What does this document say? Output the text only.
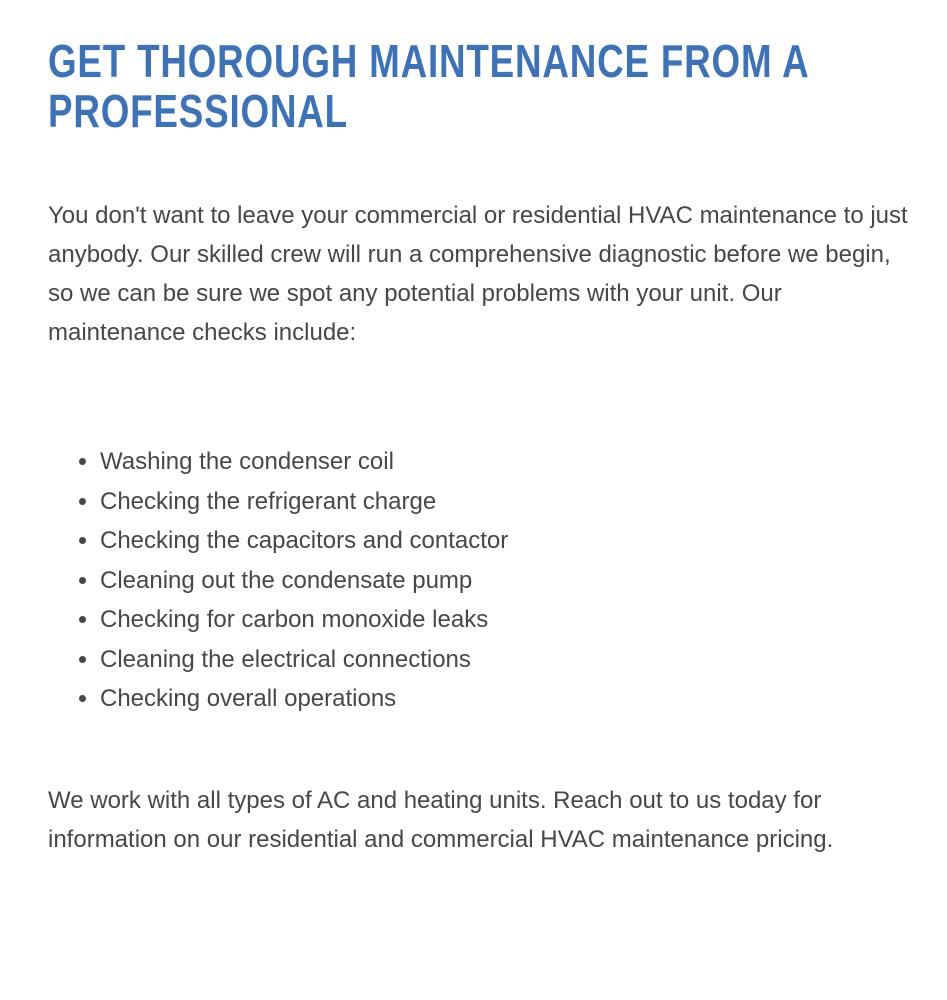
GET THOROUGH MAINTENANCE FROM A
PROFESSIONAL

You don't want to leave your commercial or residential HVAC maintenance to just anybody. Our skilled crew will run a comprehensive diagnostic before we begin, so we can be sure we spot any potential problems with your unit. Our maintenance checks include:

• Washing the condenser coil
• Checking the refrigerant charge
• Checking the capacitors and contactor
• Cleaning out the condensate pump
• Checking for carbon monoxide leaks
• Cleaning the electrical connections
• Checking overall operations

We work with all types of AC and heating units. Reach out to us today for information on our residential and commercial HVAC maintenance pricing.
